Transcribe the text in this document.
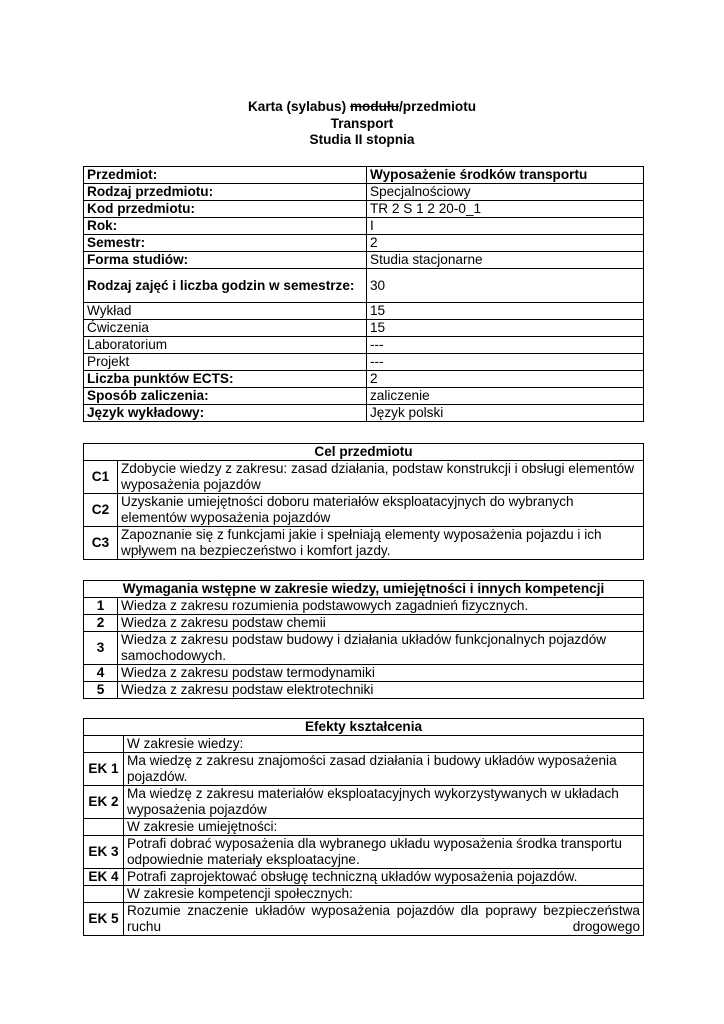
Karta (sylabus) modułu/przedmiotu
Transport
Studia II stopnia
Przedmiot:	Wyposażenie środków transportu
Rodzaj przedmiotu:	Specjalnościowy
Kod przedmiotu:	TR 2 S 1 2 20-0_1
Rok:	I
Semestr:	2
Forma studiów:	Studia stacjonarne
Rodzaj zajęć i liczba godzin w semestrze:	30
Wykład	15
Ćwiczenia	15
Laboratorium	---
Projekt	---
Liczba punktów ECTS:	2
Sposób zaliczenia:	zaliczenie
Język wykładowy:	Język polski
Cel przedmiotu	
C1	Zdobycie wiedzy z zakresu: zasad działania, podstaw konstrukcji i obsługi elementów wyposażenia pojazdów
C2	Uzyskanie umiejętności doboru materiałów eksploatacyjnych do wybranych elementów wyposażenia pojazdów
C3	Zapoznanie się z funkcjami jakie i spełniają elementy wyposażenia pojazdu i ich wpływem na bezpieczeństwo i komfort jazdy.
Wymagania wstępne w zakresie wiedzy, umiejętności i innych kompetencji	
1	Wiedza z zakresu rozumienia podstawowych zagadnień fizycznych.
2	Wiedza z zakresu podstaw chemii
3	Wiedza z zakresu podstaw budowy i działania układów funkcjonalnych pojazdów samochodowych.
4	Wiedza z zakresu podstaw termodynamiki
5	Wiedza z zakresu podstaw elektrotechniki
Efekty kształcenia	
	W zakresie wiedzy:
EK 1	Ma wiedzę z zakresu znajomości zasad działania i budowy układów wyposażenia pojazdów.
EK 2	Ma wiedzę z zakresu materiałów eksploatacyjnych wykorzystywanych w układach wyposażenia pojazdów
	W zakresie umiejętności:
EK 3	Potrafi dobrać wyposażenia dla wybranego układu wyposażenia środka transportu odpowiednie materiały eksploatacyjne.
EK 4	Potrafi zaprojektować obsługę techniczną układów wyposażenia pojazdów.
	W zakresie kompetencji społecznych:
EK 5	Rozumie znaczenie układów wyposażenia pojazdów dla poprawy bezpieczeństwa ruchu drogowego
